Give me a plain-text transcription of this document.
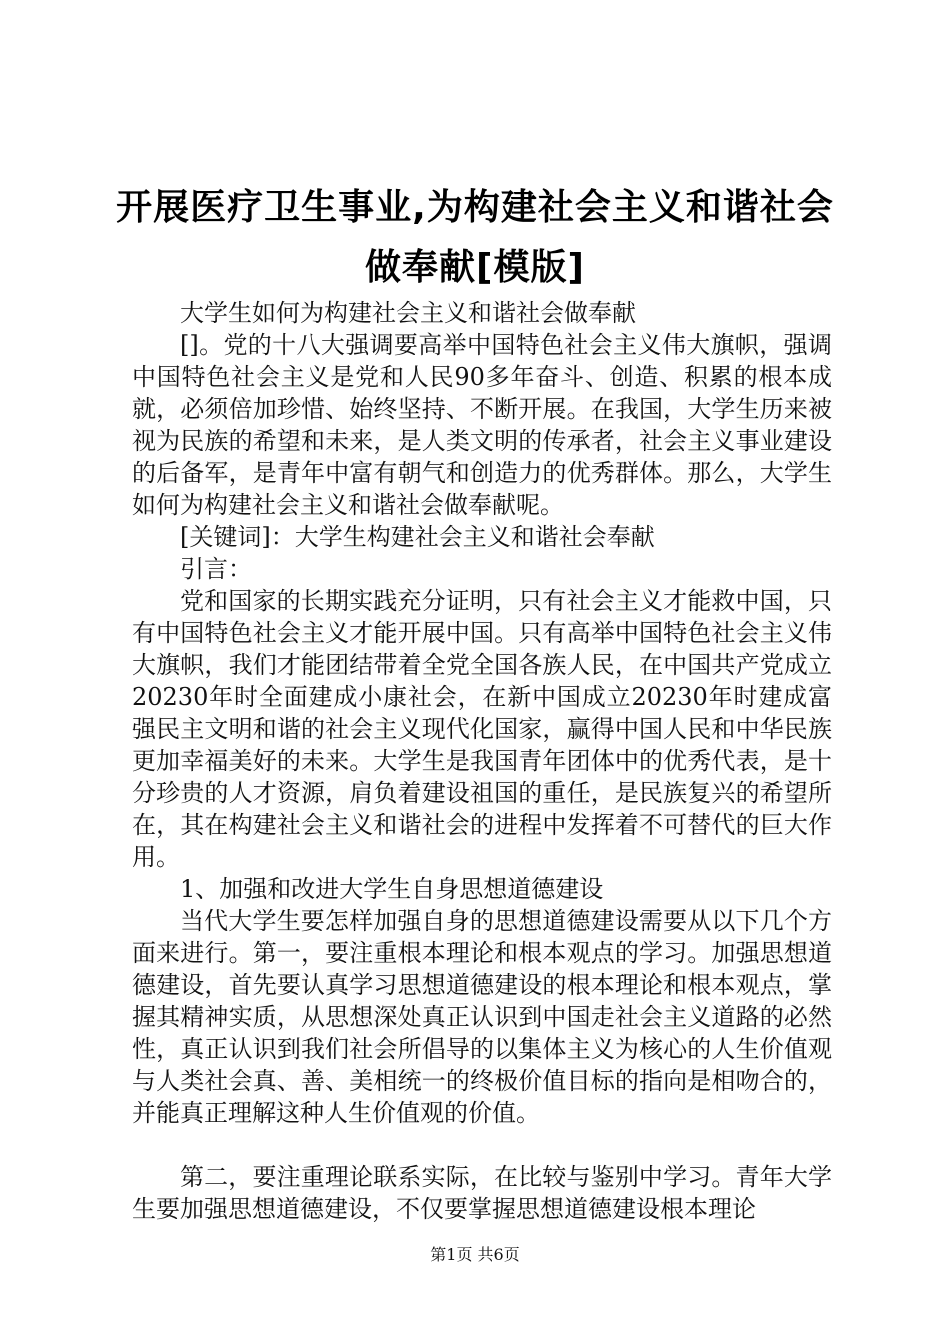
开展医疗卫生事业,为构建社会主义和谐社会
做奉献[模版]

大学生如何为构建社会主义和谐社会做奉献

[]。党的十八大强调要高举中国特色社会主义伟大旗帜，强调中国特色社会主义是党和人民90多年奋斗、创造、积累的根本成就，必须倍加珍惜、始终坚持、不断开展。在我国，大学生历来被视为民族的希望和未来，是人类文明的传承者，社会主义事业建设的后备军，是青年中富有朝气和创造力的优秀群体。那么，大学生如何为构建社会主义和谐社会做奉献呢。

[关键词]：大学生构建社会主义和谐社会奉献

引言：

党和国家的长期实践充分证明，只有社会主义才能救中国，只有中国特色社会主义才能开展中国。只有高举中国特色社会主义伟大旗帜，我们才能团结带着全党全国各族人民，在中国共产党成立20230年时全面建成小康社会，在新中国成立20230年时建成富强民主文明和谐的社会主义现代化国家，赢得中国人民和中华民族更加幸福美好的未来。大学生是我国青年团体中的优秀代表，是十分珍贵的人才资源，肩负着建设祖国的重任，是民族复兴的希望所在，其在构建社会主义和谐社会的进程中发挥着不可替代的巨大作用。

1、加强和改进大学生自身思想道德建设

当代大学生要怎样加强自身的思想道德建设需要从以下几个方面来进行。第一，要注重根本理论和根本观点的学习。加强思想道德建设，首先要认真学习思想道德建设的根本理论和根本观点，掌握其精神实质，从思想深处真正认识到中国走社会主义道路的必然性，真正认识到我们社会所倡导的以集体主义为核心的人生价值观与人类社会真、善、美相统一的终极价值目标的指向是相吻合的，并能真正理解这种人生价值观的价值。

第二，要注重理论联系实际，在比较与鉴别中学习。青年大学生要加强思想道德建设，不仅要掌握思想道德建设根本理论

第1页 共6页
